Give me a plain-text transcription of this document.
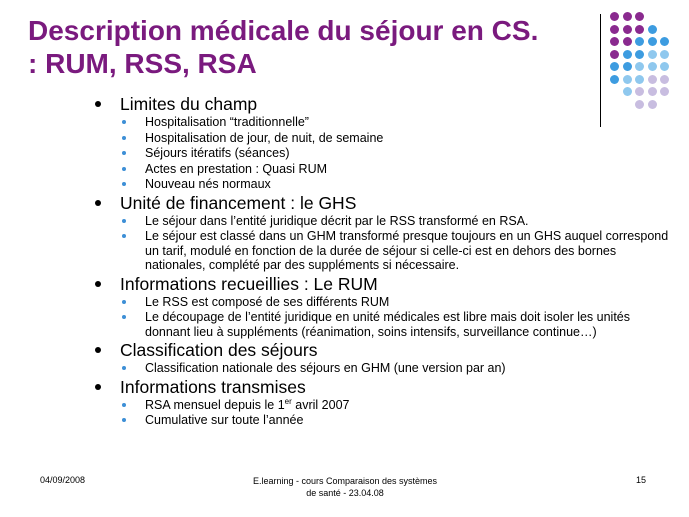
Description médicale du séjour en CS.
: RUM, RSS, RSA
Limites du champ
Hospitalisation “traditionnelle”
Hospitalisation de jour, de nuit, de semaine
Séjours itératifs (séances)
Actes en prestation : Quasi RUM
Nouveau nés normaux
Unité de financement : le GHS
Le séjour dans l’entité juridique décrit par le RSS transformé en RSA.
Le séjour est classé dans un GHM transformé presque toujours en un GHS auquel correspond un tarif, modulé en fonction de la durée de séjour si celle-ci est en dehors des bornes nationales, complété par des suppléments si nécessaire.
Informations recueillies : Le RUM
Le RSS est composé de ses différents RUM
Le découpage de l’entité juridique en unité médicales est libre mais doit isoler les unités donnant lieu à suppléments (réanimation, soins intensifs, surveillance continue…)
Classification des séjours
Classification nationale des séjours en GHM (une version par an)
Informations transmises
RSA mensuel depuis le 1er avril 2007
Cumulative sur toute l’année
04/09/2008	E.learning - cours Comparaison des systèmes
de santé - 23.04.08
15
